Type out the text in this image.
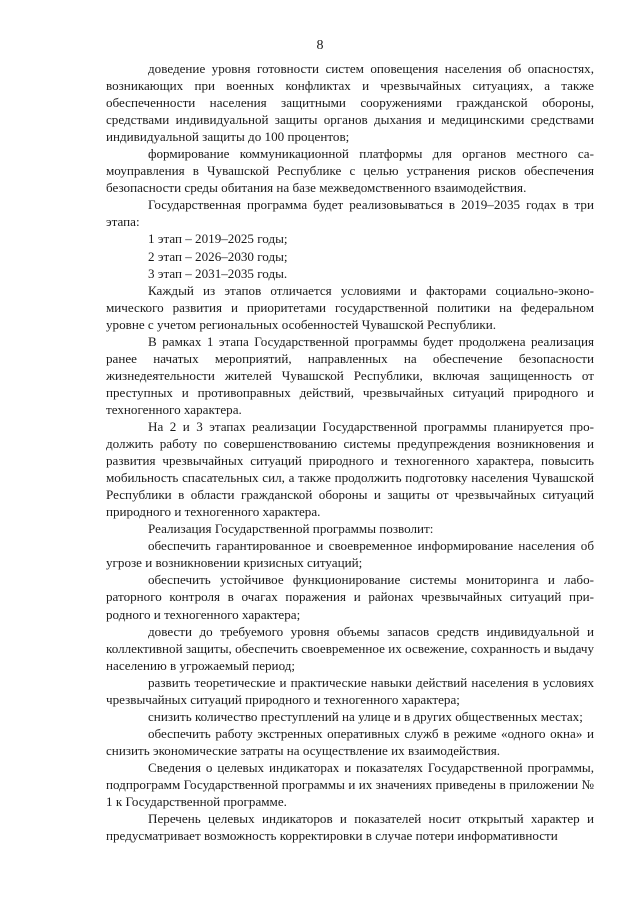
8

доведение уровня готовности систем оповещения населения об опасностях, возникающих при военных конфликтах и чрезвычайных ситуациях, а также обеспеченности населения защитными сооружениями гражданской обороны, средствами индивидуальной защиты органов дыхания и медицинскими средствами индивидуальной защиты до 100 процентов;

формирование коммуникационной платформы для органов местного самоуправления в Чувашской Республике с целью устранения рисков обеспечения безопасности среды обитания на базе межведомственного взаимодействия.

Государственная программа будет реализовываться в 2019–2035 годах в три этапа:

1 этап – 2019–2025 годы;

2 этап – 2026–2030 годы;

3 этап – 2031–2035 годы.

Каждый из этапов отличается условиями и факторами социально-экономического развития и приоритетами государственной политики на федеральном уровне с учетом региональных особенностей Чувашской Республики.

В рамках 1 этапа Государственной программы будет продолжена реализация ранее начатых мероприятий, направленных на обеспечение безопасности жизнедеятельности жителей Чувашской Республики, включая защищенность от преступных и противоправных действий, чрезвычайных ситуаций природного и техногенного характера.

На 2 и 3 этапах реализации Государственной программы планируется продолжить работу по совершенствованию системы предупреждения возникновения и развития чрезвычайных ситуаций природного и техногенного характера, повысить мобильность спасательных сил, а также продолжить подготовку населения Чувашской Республики в области гражданской обороны и защиты от чрезвычайных ситуаций природного и техногенного характера.

Реализация Государственной программы позволит:

обеспечить гарантированное и своевременное информирование населения об угрозе и возникновении кризисных ситуаций;

обеспечить устойчивое функционирование системы мониторинга и лабораторного контроля в очагах поражения и районах чрезвычайных ситуаций природного и техногенного характера;

довести до требуемого уровня объемы запасов средств индивидуальной и коллективной защиты, обеспечить своевременное их освежение, сохранность и выдачу населению в угрожаемый период;

развить теоретические и практические навыки действий населения в условиях чрезвычайных ситуаций природного и техногенного характера;

снизить количество преступлений на улице и в других общественных местах;

обеспечить работу экстренных оперативных служб в режиме «одного окна» и снизить экономические затраты на осуществление их взаимодействия.

Сведения о целевых индикаторах и показателях Государственной программы, подпрограмм Государственной программы и их значениях приведены в приложении № 1 к Государственной программе.

Перечень целевых индикаторов и показателей носит открытый характер и предусматривает возможность корректировки в случае потери информативности
